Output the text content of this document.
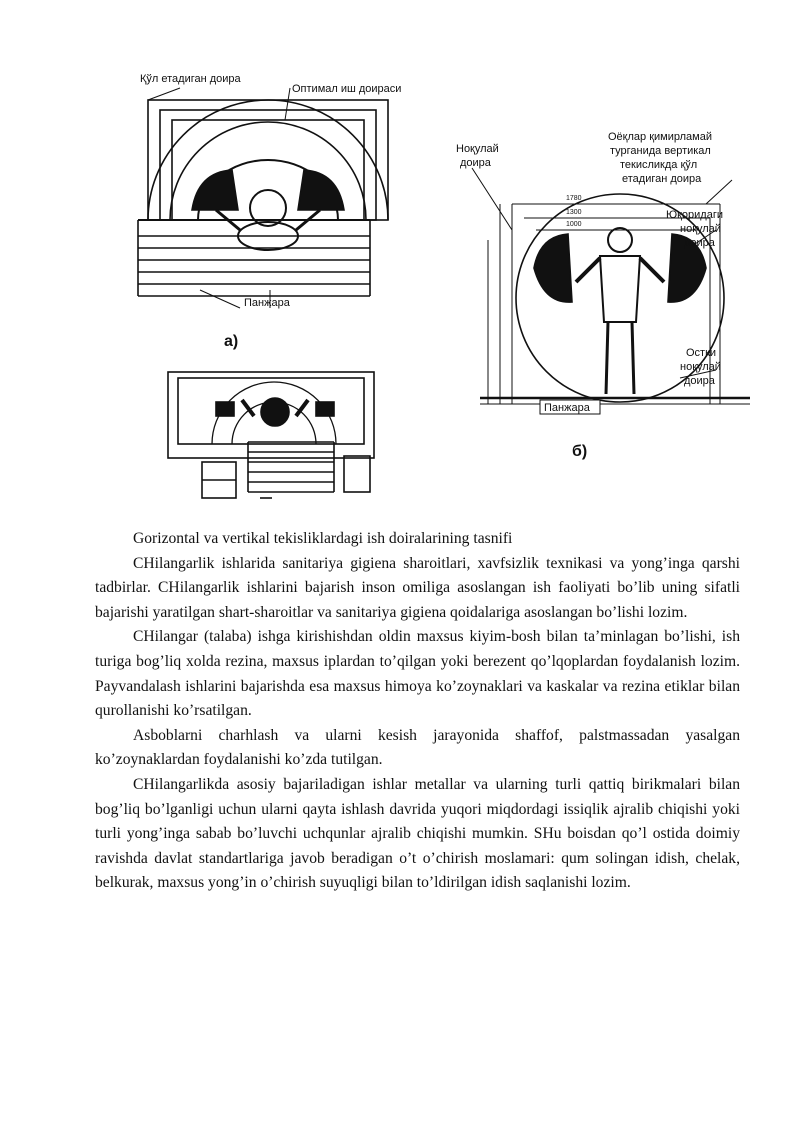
Қўл етадиган доира
Оптимал иш доираси
Панжара
а)
Ноқулай доира
Оёқлар қимирламай турганида вертикал текисликда қўл етадиган доира
Юқоридаги ноқулай доира
Остки ноқулай доира
1780
1300
1000
Панжара
б)

Gorizontal va vertikal tekisliklardagi ish doiralarining tasnifi

CHilangarlik ishlarida sanitariya gigiena sharoitlari, xavfsizlik texnikasi va yong’inga qarshi tadbirlar. CHilangarlik ishlarini bajarish inson omiliga asoslangan ish faoliyati bo’lib uning sifatli bajarishi yaratilgan shart-sharoitlar va sanitariya gigiena qoidalariga asoslangan bo’lishi lozim.

CHilangar (talaba) ishga kirishishdan oldin maxsus kiyim-bosh bilan ta’minlagan bo’lishi, ish turiga bog’liq xolda rezina, maxsus iplardan to’qilgan yoki berezent qo’lqoplardan foydalanish lozim. Payvandalash ishlarini bajarishda esa maxsus himoya ko’zoynaklari va kaskalar va rezina etiklar bilan qurollanishi ko’rsatilgan.

Asboblarni charhlash va ularni kesish jarayonida shaffof, palstmassadan yasalgan ko’zoynaklardan foydalanishi ko’zda tutilgan.

CHilangarlikda asosiy bajariladigan ishlar metallar va ularning turli qattiq birikmalari bilan bog’liq bo’lganligi uchun ularni qayta ishlash davrida yuqori miqdordagi issiqlik ajralib chiqishi yoki turli yong’inga sabab bo’luvchi uchqunlar ajralib chiqishi mumkin. SHu boisdan qo’l ostida doimiy ravishda davlat standartlariga javob beradigan o’t o’chirish moslamari: qum solingan idish, chelak, belkurak, maxsus yong’in o’chirish suyuqligi bilan to’ldirilgan idish saqlanishi lozim.
